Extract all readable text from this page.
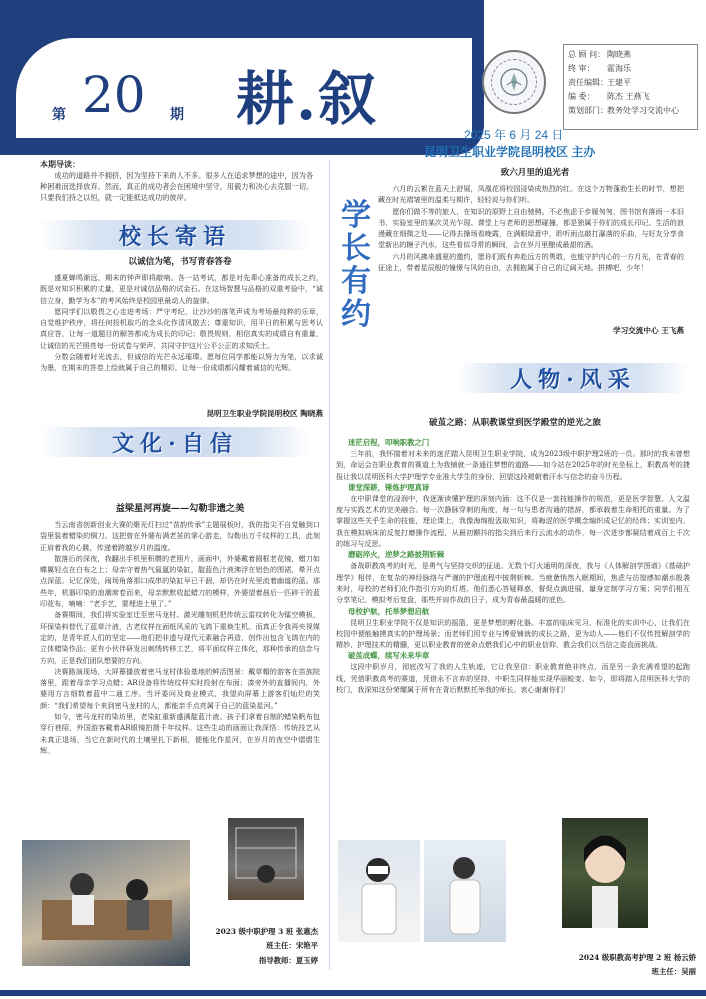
第 20 期 耕.叙
总 顾 问： 陶晓燕
终 审：	霍海乐
责任编辑： 王建平
编 委：	陈杰 王燕飞
策划部门： 教务处学习交流中心
2025 年 6 月 24 日
昆明卫生职业学院昆明校区 主办
本期导读：
成功的道路并不拥挤，因为坚持下来的人不多。很多人在追求梦想的途中，因为各种困难而选择放弃。然而，真正的成功者会在困境中坚守，用毅力和决心去克服一切。只要我们持之以恒，就一定能抵达成功的彼岸。
校长寄语
以诚信为笔，书写青春答卷

盛夏蝉鸣渐远，期末的钟声即将敲响。各一站考试，都是对先辈心准备的成长之约，既是对知识积累的丈量，更是对诚信品格的试金石。在这场智慧与品格的双重考验中，“诚信立身，勤学为本”的考风始终是校园里最动人的旋律。

愿同学们以敬畏之心走进考场：严守考纪，让沙沙的落笔声成为考场最纯粹的乐章，自觉维护秩序，将任何投机取巧的念头化作清风散去；尊重知识，用平日的积累与思考认真应答，让每一道题目的解答都成为成长的印记；敬畏规则，相信真实的成绩自有重量，让诚信的光芒照亮每一份试卷与荣声，共同守护这片公平公正的求知沃土。

分数会随着时光流去，但诚信的光芒永远璀璨。愿每位同学都能以努力为笔，以求诚为墨，在期末的答卷上绘就属于自己的精彩，让每一份成绩都闪耀着诚信的光辉。

昆明卫生职业学院昆明校区 陶晓燕
学
长
有
约
致六月里的追光者

六月的云絮在蓝天上舒展，凤凰花将校园浸染成热烈的红。在这个万物蓬勃生长的时节，想把藏在时光褶皱里的温柔与期许，轻轻说与你们听。

愿你们做不等的旅人，在知识的原野上自由驰骋。不必焦虑于步履匆匆，图书馆有落雨一本旧书、实验室里的某次灵光乍现、课堂上与老师的思想碰撞，都是独属于你们的成长印记。生活的浪漫藏在细微之处——记得去操场看晚霞，在满眼绿意中，聆听雨点敲打瀑落的乐曲，与好友分享食堂新出的糖子汽水，这些看似寻常的瞬间，会在岁月里酿成最甜的酒。

六月的风拂来盛夏的邀约，愿你们既有奔赴远方的勇敢，也能守护内心的一方月光，在青春的征途上，带着星辰般的憧憬与风的自由，去拥抱属于自己的辽阔天地。拼搏吧，少年！

学习交流中心 王飞燕
文化·自信
益梁星河再旋——勾勒非遗之美

当云南省创新创业大赛的聚光灯扫过“苗韵传承”主题展板时，我的指尖不自觉触到口袋里装着蜡染的铜刀。这把曾在外婆布满老茧的掌心游走，勾勒出万千纹样的工具，此刻正肩着我的心跳，传递着跨越岁月的温度。

散落后的深夜，我翻出手机里积攒的老照片，画面中，外婆戴着圆框老花镜，蜡刀如蝶翼轻点在白布之上；母亲守着热气氤氲的染缸，靛蓝色汁液沸浮在铝色的围裙，晕开点点深蓝。记忆深处，闹场角落那口成串的染缸早已干涸，却仍在时光里流着幽谧的蓝。那些年，机器印染的浪潮席卷而来，母亲默默收起蜡刀的模样，外婆望着晨后一匹碎干的蓝印花布，喃喃：“老手艺，要埋进土里了。”

备赛期间，我们将实验室迁至密马龙村。激光雕刻机把传统云雷纹转化为镭空模板，环保染料替代了蓝草汁液，古老纹样在面纸风采的飞鸽下重焕生机。而真正令我再央视媒定的，是青年匠人们的坚定——他们把非遗与现代元素融合再造，创作出包含飞鸽在内的立体蜡染作品；更有小伙伴研发出刺绣转移工艺，将平面纹样立体化，那种传承的信念与方向，正是我们团队想要的方向。

决赛路演现场，大屏幕播放着密马龙村体验基地的鲜活图景：戴草帽的游客在苗族院落里，跟着母亲学习点蜡；AR设备将传统纹样实时投射在布面；凑旁外的直播间内，外婆用方言细数着蓝中二通工序。当评委问及商业模式，我望向屏幕上游客们灿烂的笑颜：“我们希望每个来到密马龙村的人，都能亲手点亮属于自己的蓝染星河。”

如今，密马龙村的染坊里，老染缸重新盛满靛蓝汁液。孩子们拿着自制的蜡染帆布包穿行巷陌，外国游客戴着AR眼镜拍摄千年纹样。这些生动的画面让我深悟：传统技艺从未真正退场，当它在新时代的土壤里扎下新根，便能化作星河，在岁月的夜空中熠熠生辉。

2023 级中职护理 3 班 张惠杰
班主任：宋艳平
指导教师：夏玉婷
人物·风采
破茧之路：从职教课堂到医学殿堂的逆光之旅
迷茫启程，叩响职教之门

三年前，我怀揣着对未来的迷茫踏入昆明卫生职业学院，成为2023级中职护理2班的一员。那时的我未曾想到，命运会在职业教育的赛道上为我铺就一条通往梦想的道路——如今站在2025年的时光坐标上，职教高考的捷报让我以昆明医科大学护理学专业准大学生的身份，回望这段褪朝着汗水与信念的奋斗历程。

课堂深耕，锤炼护理真谛

在中职课堂的浸润中，我逐渐读懂护理的深刻内涵：这不仅是一套技能操作的规范，更是医学智慧、人文温度与实践艺术的完美融合。每一次静脉穿刺的角度，每一句与患者沟通的措辞，都承载着生命相托的重量。为了掌握这些关乎生命的技能，理论课上，我像海绵般汲取知识，将晦涩的医学概念编织成记忆的经纬；实训室内，我在模拟病床前反复打磨操作流程，从最初颤抖的指尖到后来行云流水的动作，每一次进步都凝结着成百上千次的练习与反思。

磨砺淬火，逆梦之路披荆斩棘

备战职教高考的时光，是勇气与坚持交织的征途。无数个灯火通明的深夜，我与《人体解剖学图谱》《基础护理学》相伴，在复杂的神经脉络与严谨的护理流程中披荆斩棘。当疲惫悄然入眠期间，焦虑与彷徨感如潮水般袭来时，母校的老师们化作指引方向的灯塔。他们悉心答疑释惑，督促点滴进展，量身定制学习方案；同学们相互分享笔记、模拟考后复盘，那些并肩作战的日子，成为青春最温暖的底色。

母校护航，托举梦想启航

昆明卫生职业学院不仅是知识的摇篮，更是梦想的孵化器。丰富的临床见习、标准化的实训中心，让我们在校园中便能触摸真实的护理场景；而老师们用专业与博爱铺就的成长之路，更为动人——他们不仅传授解剖学的精妙、护理技术的精髓，更以职业教育的使命点燃我们心中的职业信仰，教会我们以当信之姿直面挑战。

破茧成蝶，续写未来华章

这段中职岁月，彻底改写了我的人生轨迹，它让我坚信：职业教育绝非终点，而是另一条充满希望的起跑线，凭借职教高考的赛道，凭借永不言弃的坚持，中职生同样能实现华丽蜕变。如今，即将踏入昆明医科大学的校门，我深知这份荣耀属于所有在背后默默托举我的师长。衷心谢谢你们！

2024 级职教高考护理 2 班 杨云娇
班主任：吴丽
